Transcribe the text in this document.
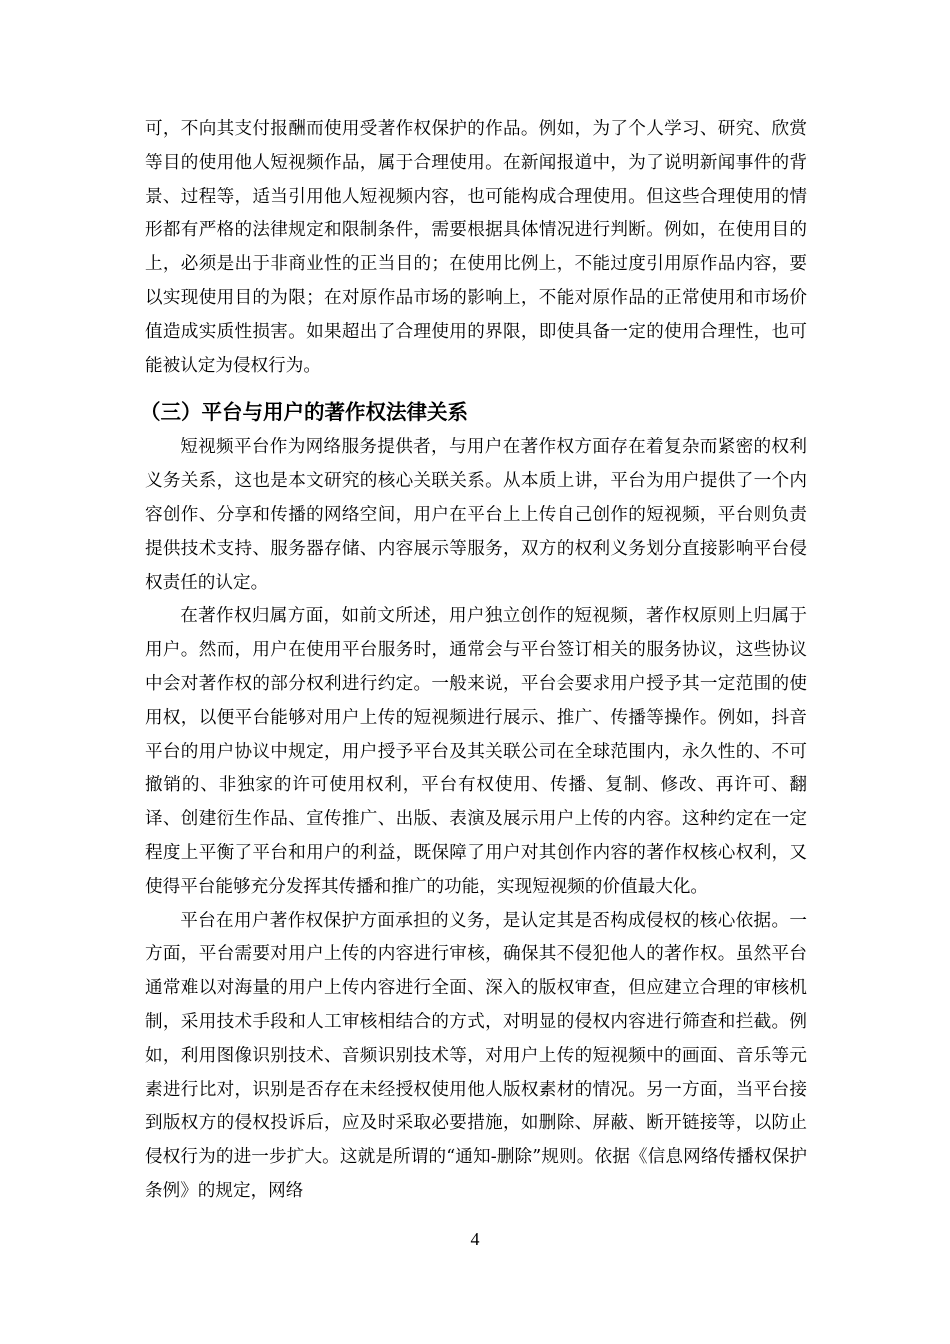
可，不向其支付报酬而使用受著作权保护的作品。例如，为了个人学习、研究、欣赏等目的使用他人短视频作品，属于合理使用。在新闻报道中，为了说明新闻事件的背景、过程等，适当引用他人短视频内容，也可能构成合理使用。但这些合理使用的情形都有严格的法律规定和限制条件，需要根据具体情况进行判断。例如，在使用目的上，必须是出于非商业性的正当目的；在使用比例上，不能过度引用原作品内容，要以实现使用目的为限；在对原作品市场的影响上，不能对原作品的正常使用和市场价值造成实质性损害。如果超出了合理使用的界限，即使具备一定的使用合理性，也可能被认定为侵权行为。

（三）平台与用户的著作权法律关系

短视频平台作为网络服务提供者，与用户在著作权方面存在着复杂而紧密的权利义务关系，这也是本文研究的核心关联关系。从本质上讲，平台为用户提供了一个内容创作、分享和传播的网络空间，用户在平台上上传自己创作的短视频，平台则负责提供技术支持、服务器存储、内容展示等服务，双方的权利义务划分直接影响平台侵权责任的认定。

在著作权归属方面，如前文所述，用户独立创作的短视频，著作权原则上归属于用户。然而，用户在使用平台服务时，通常会与平台签订相关的服务协议，这些协议中会对著作权的部分权利进行约定。一般来说，平台会要求用户授予其一定范围的使用权，以便平台能够对用户上传的短视频进行展示、推广、传播等操作。例如，抖音平台的用户协议中规定，用户授予平台及其关联公司在全球范围内，永久性的、不可撤销的、非独家的许可使用权利，平台有权使用、传播、复制、修改、再许可、翻译、创建衍生作品、宣传推广、出版、表演及展示用户上传的内容。这种约定在一定程度上平衡了平台和用户的利益，既保障了用户对其创作内容的著作权核心权利，又使得平台能够充分发挥其传播和推广的功能，实现短视频的价值最大化。

平台在用户著作权保护方面承担的义务，是认定其是否构成侵权的核心依据。一方面，平台需要对用户上传的内容进行审核，确保其不侵犯他人的著作权。虽然平台通常难以对海量的用户上传内容进行全面、深入的版权审查，但应建立合理的审核机制，采用技术手段和人工审核相结合的方式，对明显的侵权内容进行筛查和拦截。例如，利用图像识别技术、音频识别技术等，对用户上传的短视频中的画面、音乐等元素进行比对，识别是否存在未经授权使用他人版权素材的情况。另一方面，当平台接到版权方的侵权投诉后，应及时采取必要措施，如删除、屏蔽、断开链接等，以防止侵权行为的进一步扩大。这就是所谓的“通知-删除”规则。依据《信息网络传播权保护条例》的规定，网络

4
